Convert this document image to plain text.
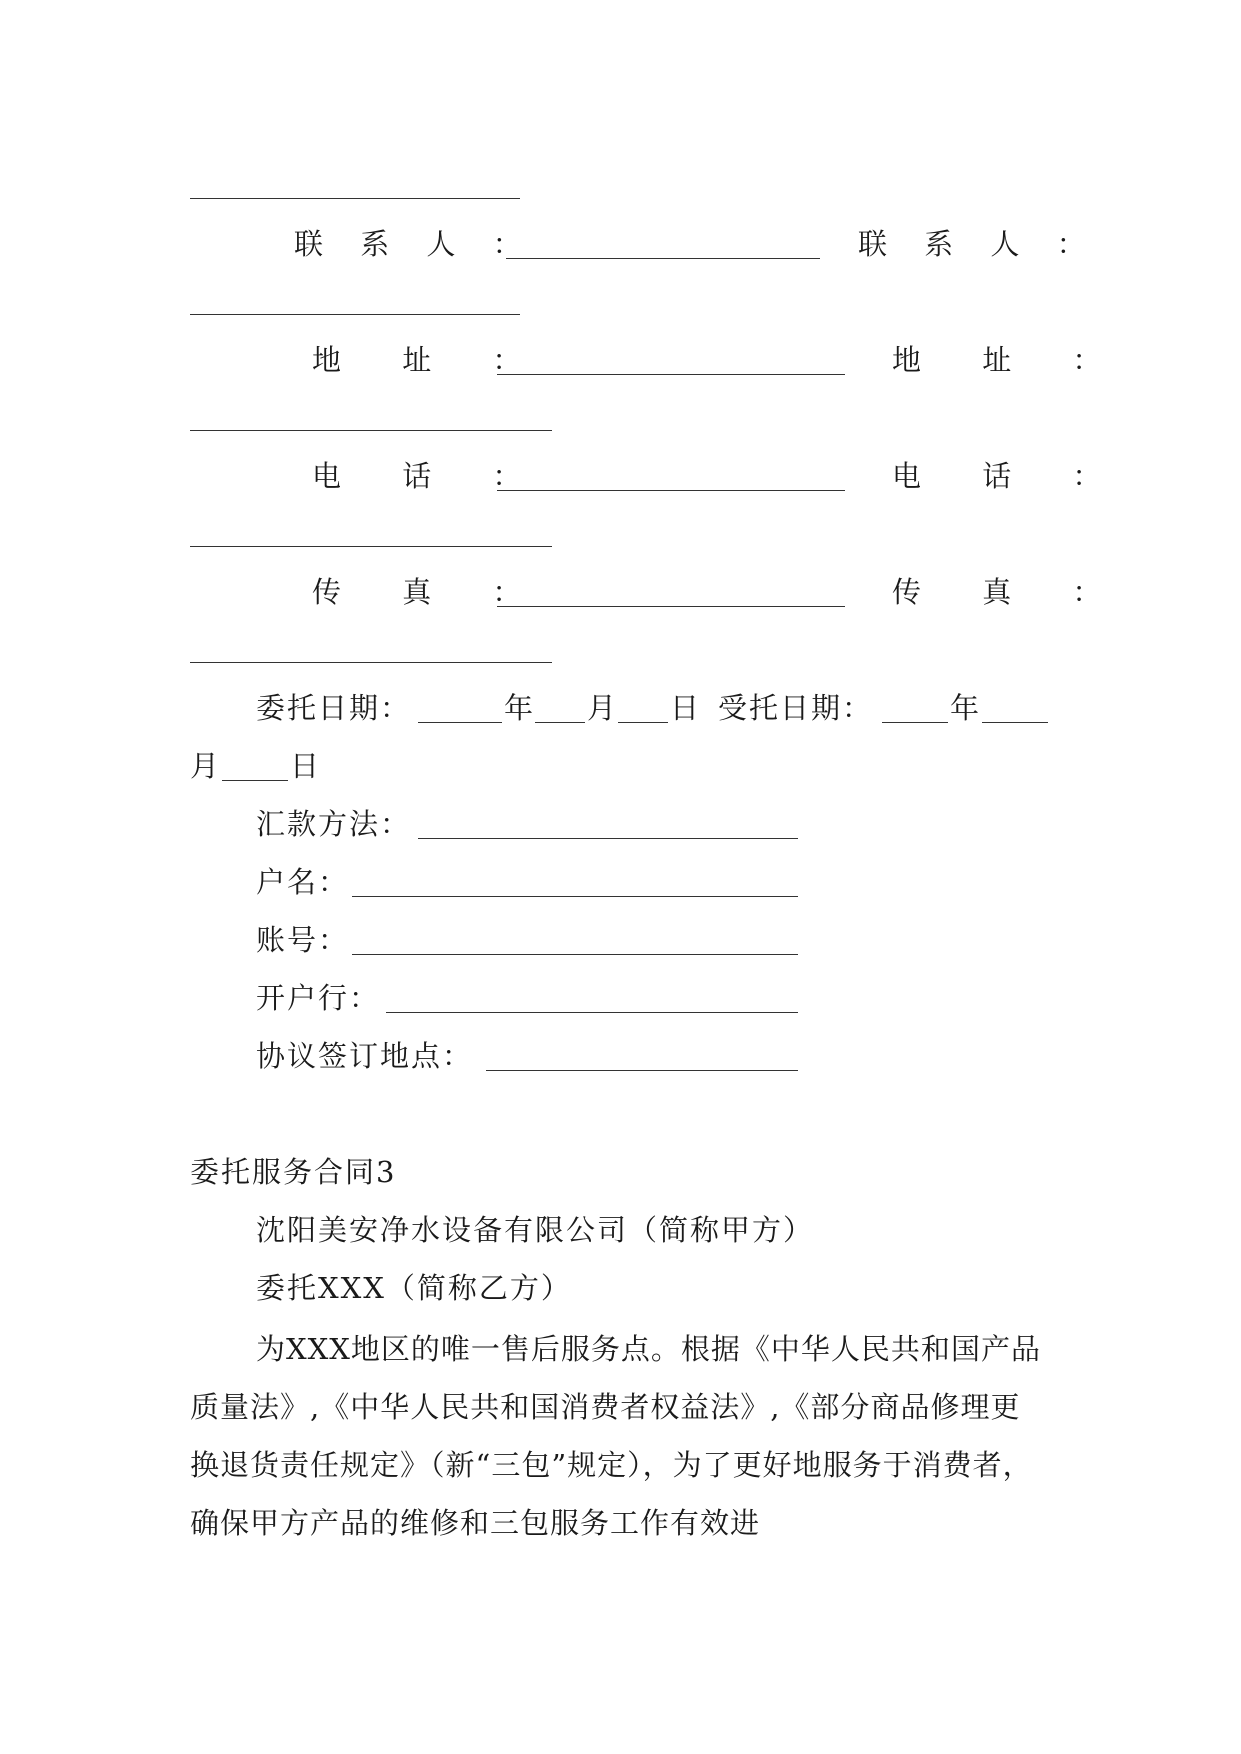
联 系 人 ：	联 系 人 ：
地 址 ：	地 址 ：
电 话 ：	电 话 ：
传 真 ：	传 真 ：
委托日期：	年 月 日 受托日期：	年
月 日
汇款方法：
户名：
账号：
开户行：
协议签订地点：
委托服务合同3
沈阳美安净水设备有限公司（简称甲方）
委托XXX（简称乙方）
为XXX地区的唯一售后服务点。根据《中华人民共和国产品质量法》,《中华人民共和国消费者权益法》,《部分商品修理更换退货责任规定》（新“三包”规定），为了更好地服务于消费者，确保甲方产品的维修和三包服务工作有效进
